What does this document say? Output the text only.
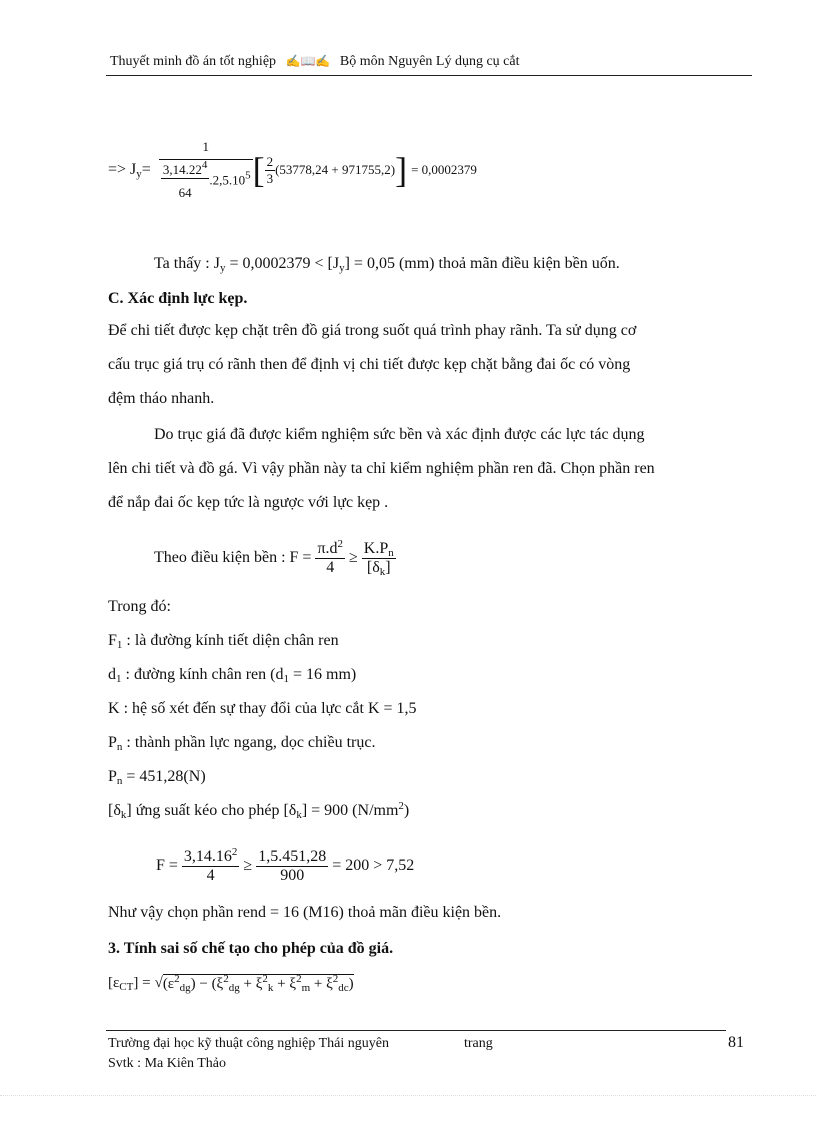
Thuyết minh đồ án tốt nghiệp ✍📖✍ Bộ môn Nguyên Lý dụng cụ cắt
=> $J_y= \frac{1}{\frac{3,14.22^4}{64} .2,5.10^5}$ [ $\frac{2}{3} (53778,24 + 971755,2)$ ] = 0,0002379
Ta thấy : $J_y = 0,0002379 < [J_y] = 0,05$ (mm) thoả mãn điều kiện bền uốn.
C. Xác định lực kẹp.
Để chi tiết được kẹp chặt trên đồ giá trong suốt quá trình phay rãnh. Ta sử dụng cơ
cấu trục giá trụ có rãnh then để định vị chi tiết được kẹp chặt bằng đai ốc có vòng
đệm tháo nhanh.
Do trục giá đã được kiểm nghiệm sức bền và xác định được các lực tác dụng
lên chi tiết và đồ gá. Vì vậy phần này ta chỉ kiểm nghiệm phần ren đã. Chọn phần ren
để nắp đai ốc kẹp tức là ngược với lực kẹp .
Theo điều kiện bền : $F = \frac{\pi.d^2}{4} \ge \frac{K.P_n}{[\delta_k]}$
Trong đó:
$F_1$ : là đường kính tiết diện chân ren
$d_1$ : đường kính chân ren ($d_1 = 16$ mm)
K : hệ số xét đến sự thay đổi của lực cắt K = 1,5
$P_n$ : thành phần lực ngang, dọc chiều trục.
$P_n = 451,28(N)$
$[\delta_k]$ ứng suất kéo cho phép $[\delta_k] = 900$ $(N/mm^2)$
$F = \frac{3,14.16^2}{4} \ge \frac{1,5.451,28}{900} = 200 > 7,52$
Như vậy chọn phần rend = 16 (M16) thoả mãn điều kiện bền.
3. Tính sai số chế tạo cho phép của đồ giá.
$[\varepsilon_{CT}]$ = √ $(\varepsilon^2_{dg}) - (\xi^2_{dg} + \xi^2_k + \xi^2_m + \xi^2_{dc})$
Trường đại học kỹ thuật công nghiệp Thái nguyên	trang	81
Svtk : Ma Kiên Thảo
